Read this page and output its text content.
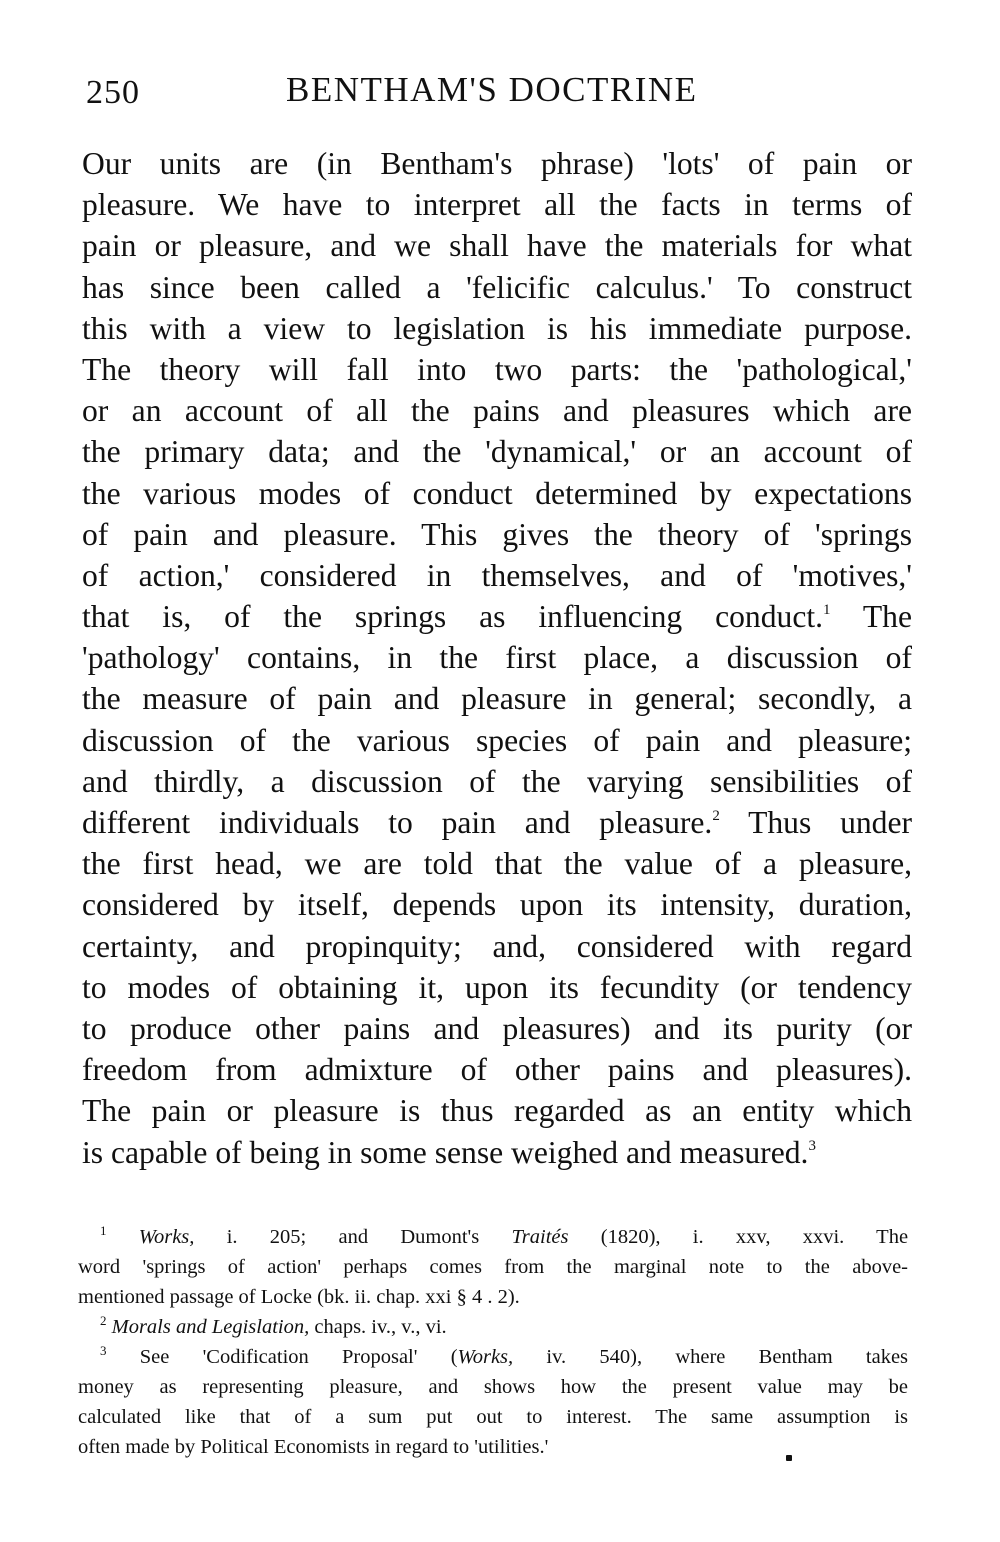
250	BENTHAM'S DOCTRINE
Our units are (in Bentham's phrase) 'lots' of pain or
pleasure. We have to interpret all the facts in terms of
pain or pleasure, and we shall have the materials for what
has since been called a 'felicific calculus.' To construct
this with a view to legislation is his immediate purpose.
The theory will fall into two parts: the 'pathological,'
or an account of all the pains and pleasures which are
the primary data; and the 'dynamical,' or an account of
the various modes of conduct determined by expectations
of pain and pleasure. This gives the theory of 'springs
of action,' considered in themselves, and of 'motives,'
that is, of the springs as influencing conduct.$^1$ The
'pathology' contains, in the first place, a discussion of
the measure of pain and pleasure in general; secondly, a
discussion of the various species of pain and pleasure;
and thirdly, a discussion of the varying sensibilities of
different individuals to pain and pleasure.$^2$ Thus under
the first head, we are told that the value of a pleasure,
considered by itself, depends upon its intensity, duration,
certainty, and propinquity; and, considered with regard
to modes of obtaining it, upon its fecundity (or tendency
to produce other pains and pleasures) and its purity (or
freedom from admixture of other pains and pleasures).
The pain or pleasure is thus regarded as an entity which
is capable of being in some sense weighed and measured.$^3$
$^1$ Works, i. 205; and Dumont's Traités (1820), i. xxv, xxvi. The
word 'springs of action' perhaps comes from the marginal note to the above-
mentioned passage of Locke (bk. ii. chap. xxi § 4 . 2).
$^2$ Morals and Legislation, chaps. iv., v., vi.
$^3$ See 'Codification Proposal' (Works, iv. 540), where Bentham takes
money as representing pleasure, and shows how the present value may be
calculated like that of a sum put out to interest. The same assumption is
often made by Political Economists in regard to 'utilities.'
